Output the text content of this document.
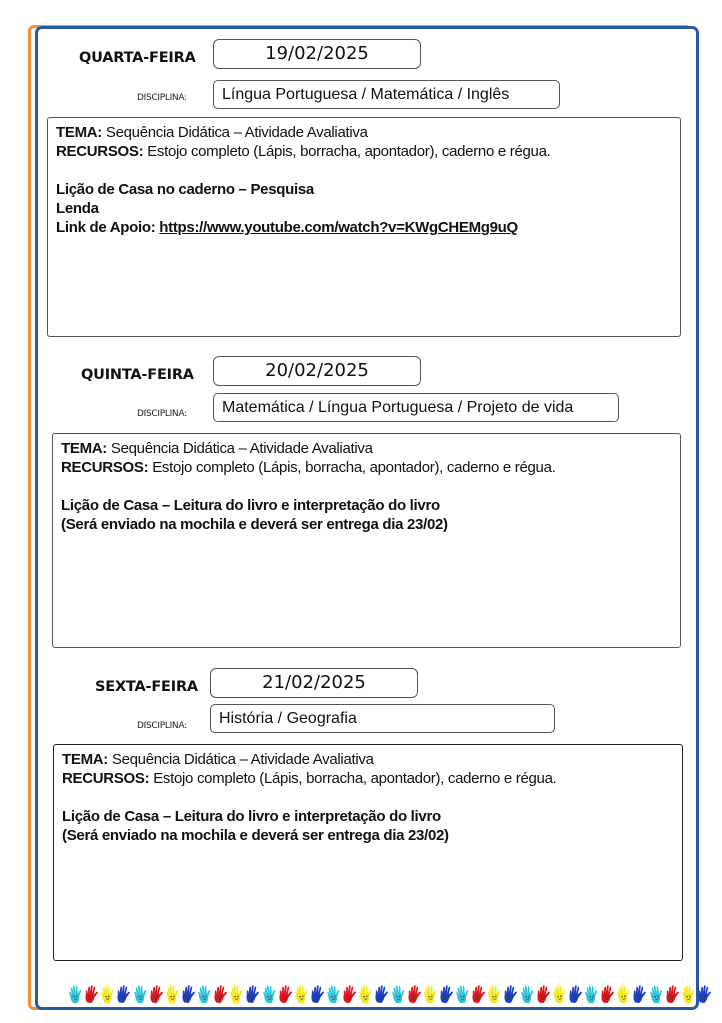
QUARTA-FEIRA	19/02/2025
DISCIPLINA:	Língua Portuguesa / Matemática / Inglês
TEMA: Sequência Didática – Atividade Avaliativa
RECURSOS: Estojo completo (Lápis, borracha, apontador), caderno e régua.
Lição de Casa no caderno – Pesquisa
Lenda
Link de Apoio: https://www.youtube.com/watch?v=KWgCHEMg9uQ
QUINTA-FEIRA	20/02/2025
DISCIPLINA:	Matemática / Língua Portuguesa / Projeto de vida
TEMA: Sequência Didática – Atividade Avaliativa
RECURSOS: Estojo completo (Lápis, borracha, apontador), caderno e régua.
Lição de Casa – Leitura do livro e interpretação do livro
(Será enviado na mochila e deverá ser entrega dia 23/02)
SEXTA-FEIRA	21/02/2025
DISCIPLINA:	História / Geografia
TEMA: Sequência Didática – Atividade Avaliativa
RECURSOS: Estojo completo (Lápis, borracha, apontador), caderno e régua.
Lição de Casa – Leitura do livro e interpretação do livro
(Será enviado na mochila e deverá ser entrega dia 23/02)
